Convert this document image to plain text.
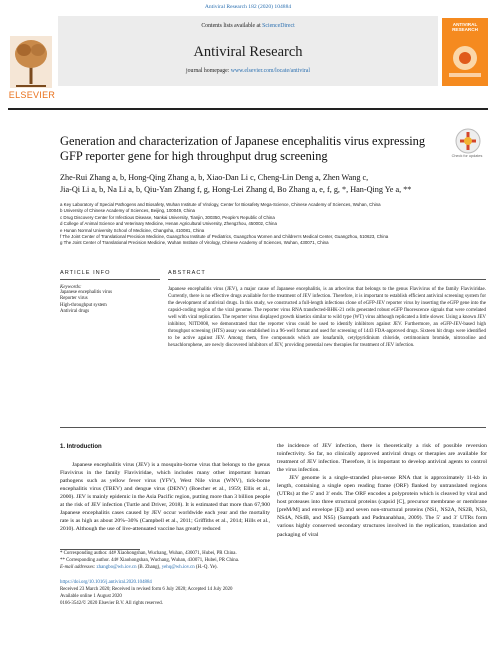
Antiviral Research 182 (2020) 104884
ELSEVIER
Contents lists available at ScienceDirect
Antiviral Research
journal homepage: www.elsevier.com/locate/antiviral
ANTIVIRAL RESEARCH
Generation and characterization of Japanese encephalitis virus expressing GFP reporter gene for high throughput drug screening	Check for updates
Zhe-Rui Zhang a, b, Hong-Qing Zhang a, b, Xiao-Dan Li c, Cheng-Lin Deng a, Zhen Wang c,
Jia-Qi Li a, b, Na Li a, b, Qiu-Yan Zhang f, g, Hong-Lei Zhang d, Bo Zhang a, e, f, g, *, Han-Qing Ye a, **
a Key Laboratory of Special Pathogens and Biosafety, Wuhan Institute of Virology, Center for Biosafety Mega-Science, Chinese Academy of Sciences, Wuhan, China
b University of Chinese Academy of Sciences, Beijing, 100049, China
c Drug Discovery Center for Infectious Disease, Nankai University, Tianjin, 300350, People's Republic of China
d College of Animal Science and Veterinary Medicine, Henan Agricultural University, Zhengzhou, 450002, China
e Hunan Normal University School of Medicine, Changsha, 410081, China
f The Joint Center of Translational Precision Medicine, Guangzhou Institute of Pediatrics, Guangzhou Women and Children's Medical Center, Guangzhou, 510623, China
g The Joint Center of Translational Precision Medicine, Wuhan Institute of Virology, Chinese Academy of Sciences, Wuhan, 430071, China
ARTICLE INFO	ABSTRACT
Keywords:
Japanese encephalitis virus
Reporter virus
High-throughput system
Antiviral drugs
Japanese encephalitis virus (JEV), a major cause of Japanese encephalitis, is an arbovirus that belongs to the genus Flavivirus of the family Flaviviridae. Currently, there is no effective drugs available for the treatment of JEV infection. Therefore, it is important to establish efficient antiviral screening system for the development of antiviral drugs. In this study, we constructed a full-length infectious clone of eGFP-JEV reporter virus by inserting the eGFP gene into the capsid-coding region of the viral genome. The reporter virus RNA transfected-BHK-21 cells generated robust eGFP fluorescence signals that were correlated well with viral replication. The reporter virus displayed growth kinetics similar to wild type (WT) virus although replicated a little slower. Using a known JEV inhibitor, NITD008, we demonstrated that the reporter virus could be used to identify inhibitors against JEV. Furthermore, an eGFP-JEV-based high throughput screening (HTS) assay was established in a 96-well format and used for screening of 1443 FDA-approved drugs. Sixteen hit drugs were identified to be active against JEV. Among them, five compounds which are lonafarnib, cetylpyridinium chloride, cetrimonium bromide, nitroxoline and hexachlorophene, are newly discovered inhibitors of JEV, providing potential new therapies for treatment of JEV infection.
1. Introduction

Japanese encephalitis virus (JEV) is a mosquito-borne virus that belongs to the genus Flavivirus in the family Flaviviridae, which includes many other important human pathogens such as yellow fever virus (YFV), West Nile virus (WNV), tick-borne encephalitis virus (TBEV) and dengue virus (DENV) (Boecher et al., 1959; Ellis et al., 2000). JEV is mainly epidemic in the Asia Pacific region, putting more than 3 billion people at the risk of JEV infection (Turtle and Driver, 2018). It is estimated that more than 67,900 Japanese encephalitis cases caused by JEV occur worldwide each year and the mortality rate is as high as about 20%–30% (Campbell et al., 2011; Griffiths et al., 2014; Hills et al., 2010). Although the use of live-attenuated vaccine has greatly reduced

the incidence of JEV infection, there is theoretically a risk of possible reversion toinfectivity. So far, no clinically approved antiviral drugs or therapies are available for treatment of JEV infection. Therefore, it is important to develop antiviral agents to control the virus infection.

JEV genome is a single-stranded plus-sense RNA that is approximately 11-kb in length, containing a single open reading frame (ORF) flanked by untranslated regions (UTRs) at the 5′ and 3′ ends. The ORF encodes a polyprotein which is cleaved by viral and host proteases into three structural proteins (capsid [C], precursor membrane or membrane [preM/M] and envelope [E]) and seven non-structural proteins (NS1, NS2A, NS2B, NS3, NS4A, NS4B, and NS5) (Sampath and Padmanabhan, 2009). The 5′ and 3′ UTRs form various highly conserved secondary structures involved in the replication, translation and packaging of viral

* Corresponding author. 44# Xiaohongshan, Wuchang, Wuhan, 430071, Hubei, PR China.
** Corresponding author. 44# Xiaohongshan, Wuchang, Wuhan, 430071, Hubei, PR China.
E-mail addresses: zhangbo@wh.iov.cn (B. Zhang), yehq@wh.iov.cn (H.-Q. Ye).
https://doi.org/10.1016/j.antiviral.2020.104884
Received 23 March 2020; Received in revised form 6 July 2020; Accepted 14 July 2020
Available online 1 August 2020
0166-3542/© 2020 Elsevier B.V. All rights reserved.
